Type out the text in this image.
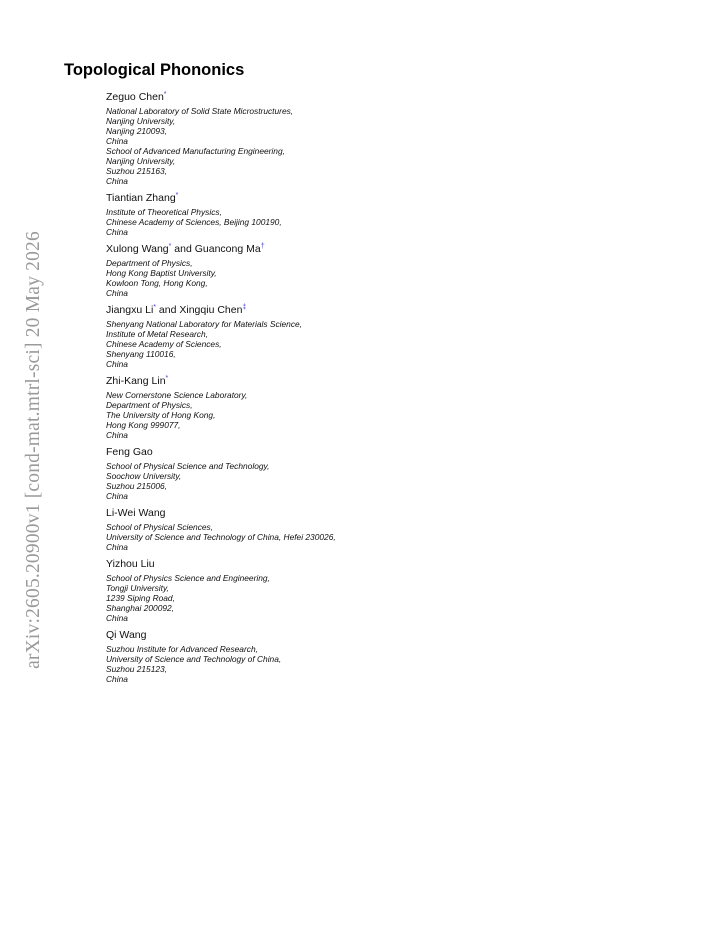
arXiv:2605.20900v1 [cond-mat.mtrl-sci] 20 May 2026
Topological Phononics
Zeguo Chen*
National Laboratory of Solid State Microstructures,
Nanjing University,
Nanjing 210093,
China
School of Advanced Manufacturing Engineering,
Nanjing University,
Suzhou 215163,
China
Tiantian Zhang*
Institute of Theoretical Physics,
Chinese Academy of Sciences, Beijing 100190,
China
Xulong Wang* and Guancong Ma†
Department of Physics,
Hong Kong Baptist University,
Kowloon Tong, Hong Kong,
China
Jiangxu Li* and Xingqiu Chen‡
Shenyang National Laboratory for Materials Science,
Institute of Metal Research,
Chinese Academy of Sciences,
Shenyang 110016,
China
Zhi-Kang Lin*
New Cornerstone Science Laboratory,
Department of Physics,
The University of Hong Kong,
Hong Kong 999077,
China
Feng Gao
School of Physical Science and Technology,
Soochow University,
Suzhou 215006,
China
Li-Wei Wang
School of Physical Sciences,
University of Science and Technology of China, Hefei 230026,
China
Yizhou Liu
School of Physics Science and Engineering,
Tongji University,
1239 Siping Road,
Shanghai 200092,
China
Qi Wang
Suzhou Institute for Advanced Research,
University of Science and Technology of China,
Suzhou 215123,
China
